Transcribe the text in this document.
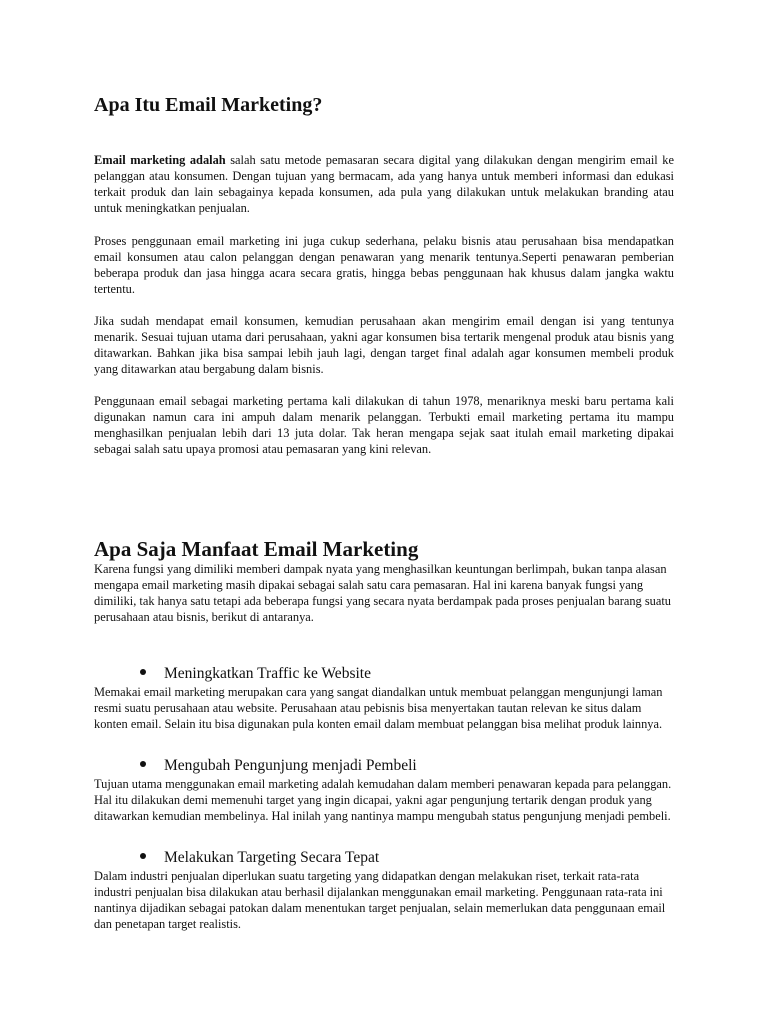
Apa Itu Email Marketing?

Email marketing adalah salah satu metode pemasaran secara digital yang dilakukan dengan mengirim email ke pelanggan atau konsumen. Dengan tujuan yang bermacam, ada yang hanya untuk memberi informasi dan edukasi terkait produk dan lain sebagainya kepada konsumen, ada pula yang dilakukan untuk melakukan branding atau untuk meningkatkan penjualan.

Proses penggunaan email marketing ini juga cukup sederhana, pelaku bisnis atau perusahaan bisa mendapatkan email konsumen atau calon pelanggan dengan penawaran yang menarik tentunya.Seperti penawaran pemberian beberapa produk dan jasa hingga acara secara gratis, hingga bebas penggunaan hak khusus dalam jangka waktu tertentu.

Jika sudah mendapat email konsumen, kemudian perusahaan akan mengirim email dengan isi yang tentunya menarik. Sesuai tujuan utama dari perusahaan, yakni agar konsumen bisa tertarik mengenal produk atau bisnis yang ditawarkan. Bahkan jika bisa sampai lebih jauh lagi, dengan target final adalah agar konsumen membeli produk yang ditawarkan atau bergabung dalam bisnis.

Penggunaan email sebagai marketing pertama kali dilakukan di tahun 1978, menariknya meski baru pertama kali digunakan namun cara ini ampuh dalam menarik pelanggan. Terbukti email marketing pertama itu mampu menghasilkan penjualan lebih dari 13 juta dolar. Tak heran mengapa sejak saat itulah email marketing dipakai sebagai salah satu upaya promosi atau pemasaran yang kini relevan.

Apa Saja Manfaat Email Marketing

Karena fungsi yang dimiliki memberi dampak nyata yang menghasilkan keuntungan berlimpah, bukan tanpa alasan mengapa email marketing masih dipakai sebagai salah satu cara pemasaran. Hal ini karena banyak fungsi yang dimiliki, tak hanya satu tetapi ada beberapa fungsi yang secara nyata berdampak pada proses penjualan barang suatu perusahaan atau bisnis, berikut di antaranya.

Meningkatkan Traffic ke Website

Memakai email marketing merupakan cara yang sangat diandalkan untuk membuat pelanggan mengunjungi laman resmi suatu perusahaan atau website. Perusahaan atau pebisnis bisa menyertakan tautan relevan ke situs dalam konten email. Selain itu bisa digunakan pula konten email dalam membuat pelanggan bisa melihat produk lainnya.

Mengubah Pengunjung menjadi Pembeli

Tujuan utama menggunakan email marketing adalah kemudahan dalam memberi penawaran kepada para pelanggan. Hal itu dilakukan demi memenuhi target yang ingin dicapai, yakni agar pengunjung tertarik dengan produk yang ditawarkan kemudian membelinya. Hal inilah yang nantinya mampu mengubah status pengunjung menjadi pembeli.

Melakukan Targeting Secara Tepat

Dalam industri penjualan diperlukan suatu targeting yang didapatkan dengan melakukan riset, terkait rata-rata industri penjualan bisa dilakukan atau berhasil dijalankan menggunakan email marketing. Penggunaan rata-rata ini nantinya dijadikan sebagai patokan dalam menentukan target penjualan, selain memerlukan data penggunaan email dan penetapan target realistis.
